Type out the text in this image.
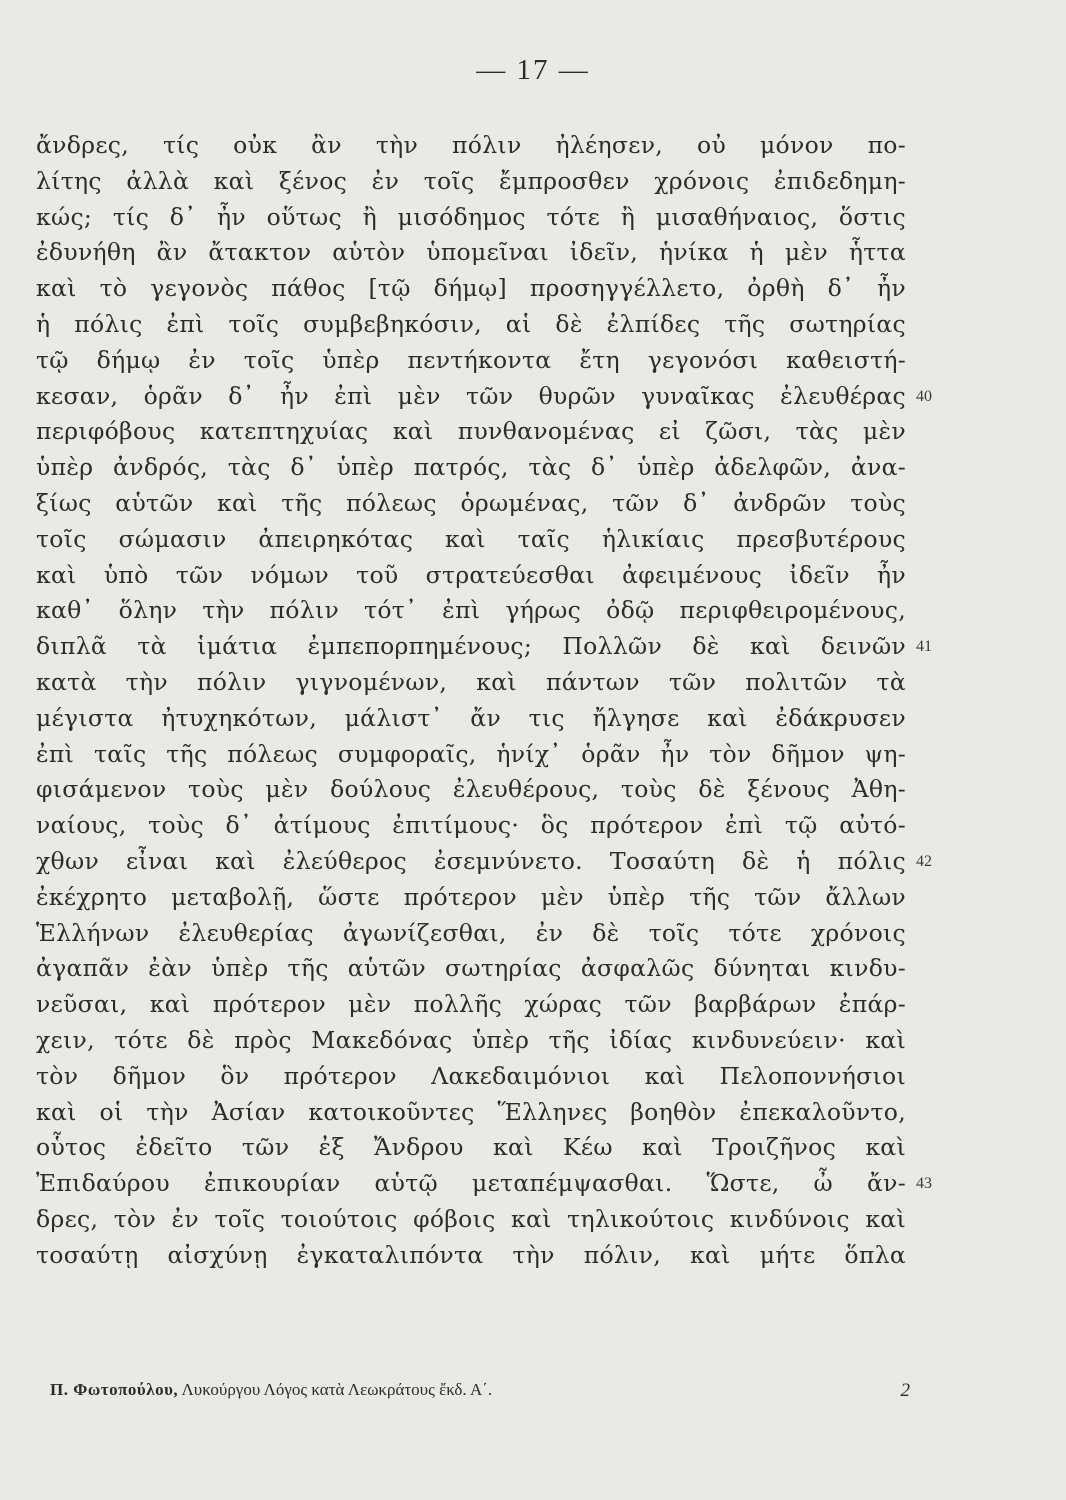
— 17 —
ἄνδρες, τίς οὐκ ἂν τὴν πόλιν ἠλέησεν, οὐ μόνον πο-
λίτης ἀλλὰ καὶ ξένος ἐν τοῖς ἔμπροσθεν χρόνοις ἐπιδεδημη-
κώς; τίς δ᾿ ἦν οὕτως ἢ μισόδημος τότε ἢ μισαθήναιος, ὅστις
ἐδυνήθη ἂν ἄτακτον αὑτὸν ὑπομεῖναι ἰδεῖν, ἡνίκα ἡ μὲν ἧττα
καὶ τὸ γεγονὸς πάθος [τῷ δήμῳ] προσηγγέλλετο, ὀρθὴ δ᾿ ἦν
ἡ πόλις ἐπὶ τοῖς συμβεβηκόσιν, αἱ δὲ ἐλπίδες τῆς σωτηρίας
τῷ δήμῳ ἐν τοῖς ὑπὲρ πεντήκοντα ἔτη γεγονόσι καθειστή-
κεσαν, ὁρᾶν δ᾿ ἦν ἐπὶ μὲν τῶν θυρῶν γυναῖκας ἐλευθέρας
περιφόβους κατεπτηχυίας καὶ πυνθανομένας εἰ ζῶσι, τὰς μὲν
ὑπὲρ ἀνδρός, τὰς δ᾿ ὑπὲρ πατρός, τὰς δ᾿ ὑπὲρ ἀδελφῶν, ἀνα-
ξίως αὑτῶν καὶ τῆς πόλεως ὁρωμένας, τῶν δ᾿ ἀνδρῶν τοὺς
τοῖς σώμασιν ἀπειρηκότας καὶ ταῖς ἡλικίαις πρεσβυτέρους
καὶ ὑπὸ τῶν νόμων τοῦ στρατεύεσθαι ἀφειμένους ἰδεῖν ἦν
καθ᾿ ὅλην τὴν πόλιν τότ᾿ ἐπὶ γήρως ὀδῷ περιφθειρομένους,
διπλᾶ τὰ ἱμάτια ἐμπεπορπημένους; Πολλῶν δὲ καὶ δεινῶν
κατὰ τὴν πόλιν γιγνομένων, καὶ πάντων τῶν πολιτῶν τὰ
μέγιστα ἠτυχηκότων, μάλιστ᾿ ἄν τις ἤλγησε καὶ ἐδάκρυσεν
ἐπὶ ταῖς τῆς πόλεως συμφοραῖς, ἡνίχ᾿ ὁρᾶν ἦν τὸν δῆμον ψη-
φισάμενον τοὺς μὲν δούλους ἐλευθέρους, τοὺς δὲ ξένους Ἀθη-
ναίους, τοὺς δ᾿ ἀτίμους ἐπιτίμους· ὃς πρότερον ἐπὶ τῷ αὐτό-
χθων εἶναι καὶ ἐλεύθερος ἐσεμνύνετο. Τοσαύτη δὲ ἡ πόλις
ἐκέχρητο μεταβολῇ, ὥστε πρότερον μὲν ὑπὲρ τῆς τῶν ἄλλων
Ἑλλήνων ἐλευθερίας ἀγωνίζεσθαι, ἐν δὲ τοῖς τότε χρόνοις
ἀγαπᾶν ἐὰν ὑπὲρ τῆς αὑτῶν σωτηρίας ἀσφαλῶς δύνηται κινδυ-
νεῦσαι, καὶ πρότερον μὲν πολλῆς χώρας τῶν βαρβάρων ἐπάρ-
χειν, τότε δὲ πρὸς Μακεδόνας ὑπὲρ τῆς ἰδίας κινδυνεύειν· καὶ
τὸν δῆμον ὃν πρότερον Λακεδαιμόνιοι καὶ Πελοποννήσιοι
καὶ οἱ τὴν Ἀσίαν κατοικοῦντες Ἕλληνες βοηθὸν ἐπεκαλοῦντο,
οὗτος ἐδεῖτο τῶν ἐξ Ἄνδρου καὶ Κέω καὶ Τροιζῆνος καὶ
Ἐπιδαύρου ἐπικουρίαν αὑτῷ μεταπέμψασθαι. Ὥστε, ὦ ἄν-
δρες, τὸν ἐν τοῖς τοιούτοις φόβοις καὶ τηλικούτοις κινδύνοις καὶ
τοσαύτῃ αἰσχύνῃ ἐγκαταλιπόντα τὴν πόλιν, καὶ μήτε ὅπλα
40
41
42
43
Π. Φωτοπούλου, Λυκούργου Λόγος κατὰ Λεωκράτους ἔκδ. Α΄.	2
